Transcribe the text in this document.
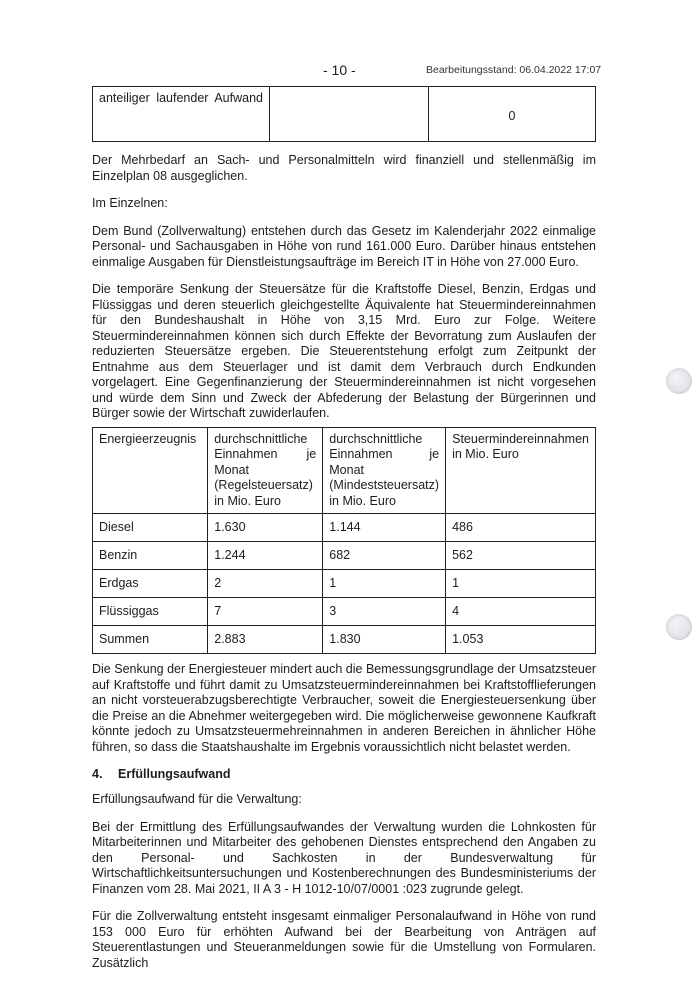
- 10 -	Bearbeitungsstand: 06.04.2022 17:07
anteiliger laufender Aufwand		0

Der Mehrbedarf an Sach- und Personalmitteln wird finanziell und stellenmäßig im Einzelplan 08 ausgeglichen.

Im Einzelnen:

Dem Bund (Zollverwaltung) entstehen durch das Gesetz im Kalenderjahr 2022 einmalige Personal- und Sachausgaben in Höhe von rund 161.000 Euro. Darüber hinaus entstehen einmalige Ausgaben für Dienstleistungsaufträge im Bereich IT in Höhe von 27.000 Euro.

Die temporäre Senkung der Steuersätze für die Kraftstoffe Diesel, Benzin, Erdgas und Flüssiggas und deren steuerlich gleichgestellte Äquivalente hat Steuermindereinnahmen für den Bundeshaushalt in Höhe von 3,15 Mrd. Euro zur Folge. Weitere Steuermindereinnahmen können sich durch Effekte der Bevorratung zum Auslaufen der reduzierten Steuersätze ergeben. Die Steuerentstehung erfolgt zum Zeitpunkt der Entnahme aus dem Steuerlager und ist damit dem Verbrauch durch Endkunden vorgelagert. Eine Gegenfinanzierung der Steuermindereinnahmen ist nicht vorgesehen und würde dem Sinn und Zweck der Abfederung der Belastung der Bürgerinnen und Bürger sowie der Wirtschaft zuwiderlaufen.

Energieerzeugnis	durchschnittliche Einnahmen je Monat (Regelsteuersatz) in Mio. Euro	durchschnittliche Einnahmen je Monat (Mindeststeuersatz) in Mio. Euro	Steuermindereinnahmen in Mio. Euro
Diesel	1.630	1.144	486
Benzin	1.244	682	562
Erdgas	2	1	1
Flüssiggas	7	3	4
Summen	2.883	1.830	1.053

Die Senkung der Energiesteuer mindert auch die Bemessungsgrundlage der Umsatzsteuer auf Kraftstoffe und führt damit zu Umsatzsteuermindereinnahmen bei Kraftstofflieferungen an nicht vorsteuerabzugsberechtigte Verbraucher, soweit die Energiesteuersenkung über die Preise an die Abnehmer weitergegeben wird. Die möglicherweise gewonnene Kaufkraft könnte jedoch zu Umsatzsteuermehreinnahmen in anderen Bereichen in ähnlicher Höhe führen, so dass die Staatshaushalte im Ergebnis voraussichtlich nicht belastet werden.

4. Erfüllungsaufwand

Erfüllungsaufwand für die Verwaltung:

Bei der Ermittlung des Erfüllungsaufwandes der Verwaltung wurden die Lohnkosten für Mitarbeiterinnen und Mitarbeiter des gehobenen Dienstes entsprechend den Angaben zu den Personal- und Sachkosten in der Bundesverwaltung für Wirtschaftlichkeitsuntersuchungen und Kostenberechnungen des Bundesministeriums der Finanzen vom 28. Mai 2021, II A 3 - H 1012-10/07/0001 :023 zugrunde gelegt.

Für die Zollverwaltung entsteht insgesamt einmaliger Personalaufwand in Höhe von rund 153 000 Euro für erhöhten Aufwand bei der Bearbeitung von Anträgen auf Steuerentlastungen und Steueranmeldungen sowie für die Umstellung von Formularen. Zusätzlich
